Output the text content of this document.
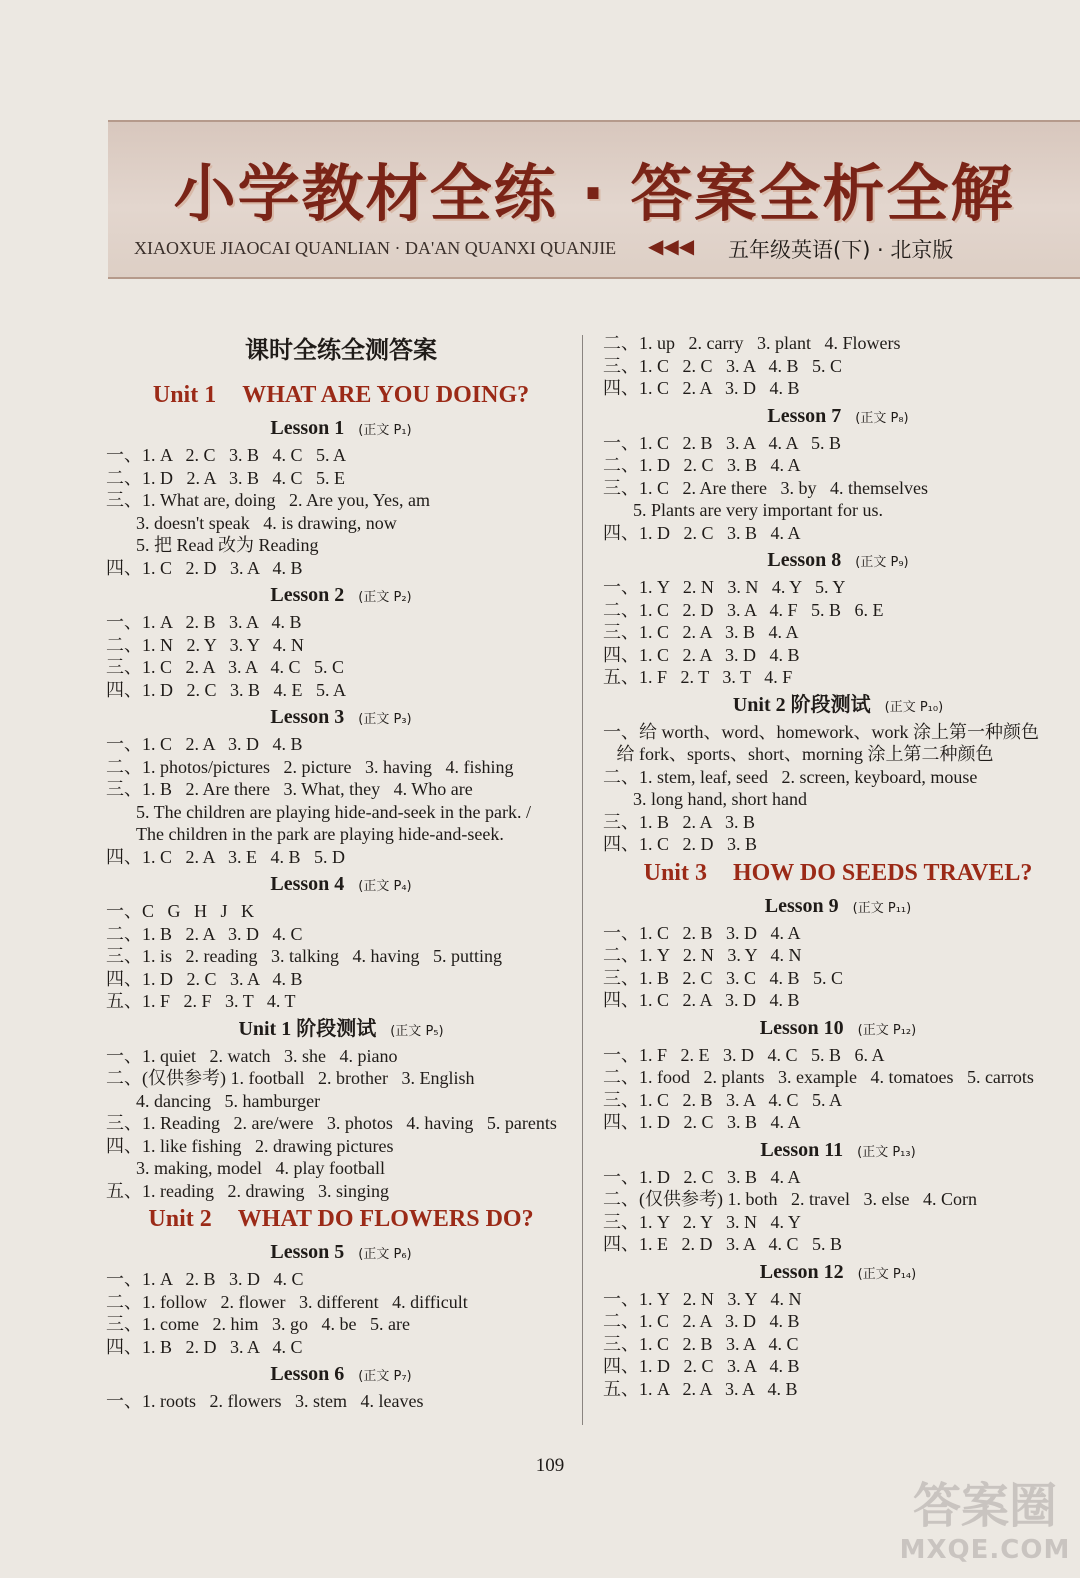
小学教材全练 · 答案全析全解
XIAOXUE JIAOCAI QUANLIAN · DA'AN QUANXI QUANJIE ◀◀◀ 五年级英语(下) · 北京版
课时全练全测答案
Unit 1 WHAT ARE YOU DOING?
Lesson 1 (正文 P₁)
一、1. A   2. C   3. B   4. C   5. A
二、1. D   2. A   3. B   4. C   5. E
三、1. What are, doing   2. Are you, Yes, am
3. doesn't speak   4. is drawing, now
5. 把 Read 改为 Reading
四、1. C   2. D   3. A   4. B
Lesson 2 (正文 P₂)
一、1. A   2. B   3. A   4. B
二、1. N   2. Y   3. Y   4. N
三、1. C   2. A   3. A   4. C   5. C
四、1. D   2. C   3. B   4. E   5. A
Lesson 3 (正文 P₃)
一、1. C   2. A   3. D   4. B
二、1. photos/pictures   2. picture   3. having   4. fishing
三、1. B   2. Are there   3. What, they   4. Who are
5. The children are playing hide-and-seek in the park. /
The children in the park are playing hide-and-seek.
四、1. C   2. A   3. E   4. B   5. D
Lesson 4 (正文 P₄)
一、C   G   H   J   K
二、1. B   2. A   3. D   4. C
三、1. is   2. reading   3. talking   4. having   5. putting
四、1. D   2. C   3. A   4. B
五、1. F   2. F   3. T   4. T
Unit 1 阶段测试 (正文 P₅)
一、1. quiet   2. watch   3. she   4. piano
二、(仅供参考) 1. football   2. brother   3. English
4. dancing   5. hamburger
三、1. Reading   2. are/were   3. photos   4. having   5. parents
四、1. like fishing   2. drawing pictures
3. making, model   4. play football
五、1. reading   2. drawing   3. singing
Unit 2 WHAT DO FLOWERS DO?
Lesson 5 (正文 P₆)
一、1. A   2. B   3. D   4. C
二、1. follow   2. flower   3. different   4. difficult
三、1. come   2. him   3. go   4. be   5. are
四、1. B   2. D   3. A   4. C
Lesson 6 (正文 P₇)
一、1. roots   2. flowers   3. stem   4. leaves
二、1. up   2. carry   3. plant   4. Flowers
三、1. C   2. C   3. A   4. B   5. C
四、1. C   2. A   3. D   4. B
Lesson 7 (正文 P₈)
一、1. C   2. B   3. A   4. A   5. B
二、1. D   2. C   3. B   4. A
三、1. C   2. Are there   3. by   4. themselves
5. Plants are very important for us.
四、1. D   2. C   3. B   4. A
Lesson 8 (正文 P₉)
一、1. Y   2. N   3. N   4. Y   5. Y
二、1. C   2. D   3. A   4. F   5. B   6. E
三、1. C   2. A   3. B   4. A
四、1. C   2. A   3. D   4. B
五、1. F   2. T   3. T   4. F
Unit 2 阶段测试 (正文 P₁₀)
一、给 worth、word、homework、work 涂上第一种颜色
给 fork、sports、short、morning 涂上第二种颜色
二、1. stem, leaf, seed   2. screen, keyboard, mouse
3. long hand, short hand
三、1. B   2. A   3. B
四、1. C   2. D   3. B
Unit 3 HOW DO SEEDS TRAVEL?
Lesson 9 (正文 P₁₁)
一、1. C   2. B   3. D   4. A
二、1. Y   2. N   3. Y   4. N
三、1. B   2. C   3. C   4. B   5. C
四、1. C   2. A   3. D   4. B
Lesson 10 (正文 P₁₂)
一、1. F   2. E   3. D   4. C   5. B   6. A
二、1. food   2. plants   3. example   4. tomatoes   5. carrots
三、1. C   2. B   3. A   4. C   5. A
四、1. D   2. C   3. B   4. A
Lesson 11 (正文 P₁₃)
一、1. D   2. C   3. B   4. A
二、(仅供参考) 1. both   2. travel   3. else   4. Corn
三、1. Y   2. Y   3. N   4. Y
四、1. E   2. D   3. A   4. C   5. B
Lesson 12 (正文 P₁₄)
一、1. Y   2. N   3. Y   4. N
二、1. C   2. A   3. D   4. B
三、1. C   2. B   3. A   4. C
四、1. D   2. C   3. A   4. B
五、1. A   2. A   3. A   4. B
109
答案圈
MXQE.COM
